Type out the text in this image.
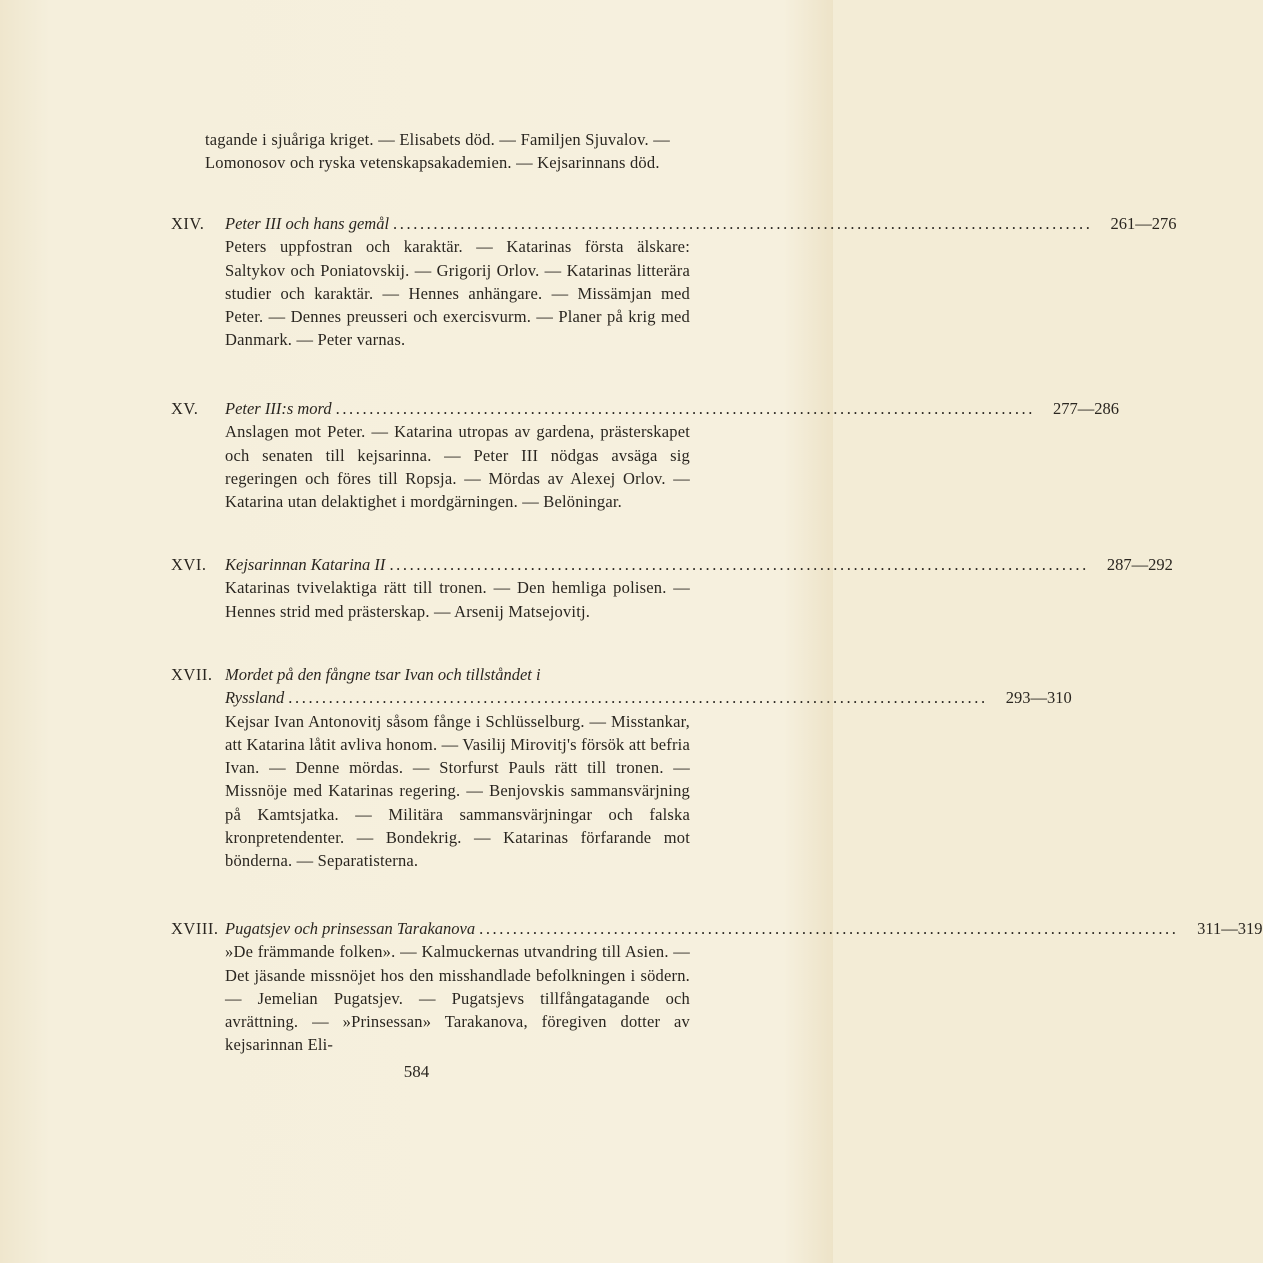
tagande i sjuåriga kriget. — Elisabets död. — Familjen Sjuvalov. — Lomonosov och ryska vetenskapsakademien. — Kejsarinnans död.
XIV.	Peter III och hans gemål ........................................................................................................	261—276
Peters uppfostran och karaktär. — Katarinas första älskare: Saltykov och Poniatovskij. — Grigorij Orlov. — Katarinas litterära studier och karaktär. — Hennes anhängare. — Missämjan med Peter. — Dennes preusseri och exercisvurm. — Planer på krig med Danmark. — Peter varnas.
XV.	Peter III:s mord ........................................................................................................	277—286
Anslagen mot Peter. — Katarina utropas av gardena, prästerskapet och senaten till kejsarinna. — Peter III nödgas avsäga sig regeringen och föres till Ropsja. — Mördas av Alexej Orlov. — Katarina utan delaktighet i mordgärningen. — Belöningar.
XVI.	Kejsarinnan Katarina II ........................................................................................................	287—292
Katarinas tvivelaktiga rätt till tronen. — Den hemliga polisen. — Hennes strid med prästerskap. — Arsenij Matsejovitj.
XVII. Mordet på den fångne tsar Ivan och tillståndet i
Ryssland ........................................................................................................	293—310
Kejsar Ivan Antonovitj såsom fånge i Schlüsselburg. — Misstankar, att Katarina låtit avliva honom. — Vasilij Mirovitj's försök att befria Ivan. — Denne mördas. — Storfurst Pauls rätt till tronen. — Missnöje med Katarinas regering. — Benjovskis sammansvärjning på Kamtsjatka. — Militära sammansvärjningar och falska kronpretendenter. — Bondekrig. — Katarinas förfarande mot bönderna. — Separatisterna.
XVIII. Pugatsjev och prinsessan Tarakanova ........................................................................................................	311—319
»De främmande folken». — Kalmuckernas utvandring till Asien. — Det jäsande missnöjet hos den misshandlade befolkningen i södern. — Jemelian Pugatsjev. — Pugatsjevs tillfångatagande och avrättning. — »Prinsessan» Tarakanova, föregiven dotter av kejsarinnan Eli-
584
